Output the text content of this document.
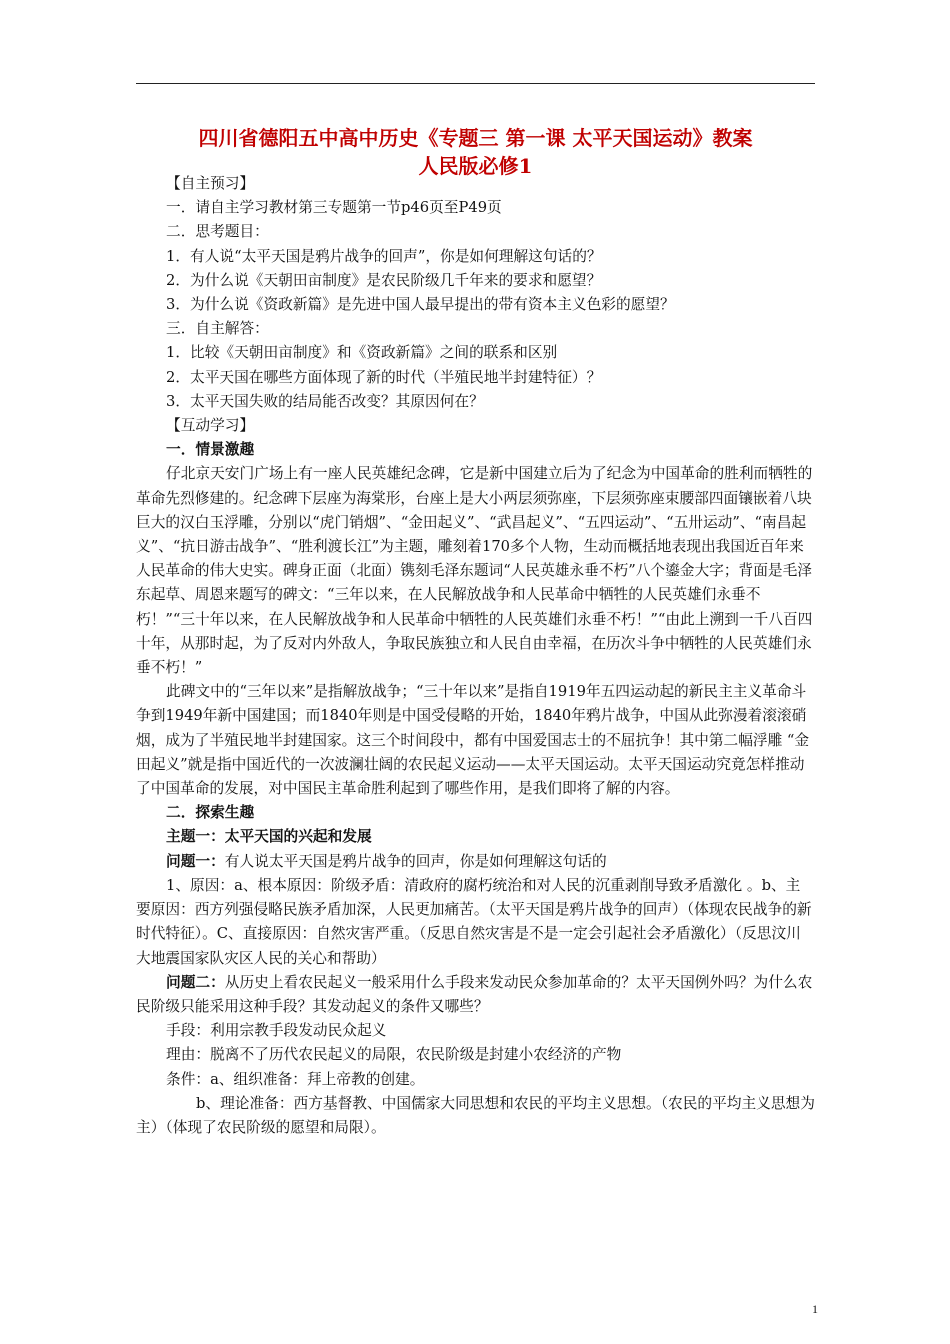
四川省德阳五中高中历史《专题三 第一课 太平天国运动》教案
人民版必修1

【自主预习】

一．请自主学习教材第三专题第一节p46页至P49页

二．思考题目：

1．有人说“太平天国是鸦片战争的回声”，你是如何理解这句话的？

2．为什么说《天朝田亩制度》是农民阶级几千年来的要求和愿望？

3．为什么说《资政新篇》是先进中国人最早提出的带有资本主义色彩的愿望？

三．自主解答：

1．比较《天朝田亩制度》和《资政新篇》之间的联系和区别

2．太平天国在哪些方面体现了新的时代（半殖民地半封建特征）？

3．太平天国失败的结局能否改变？其原因何在？

【互动学习】

一．情景激趣

仔北京天安门广场上有一座人民英雄纪念碑，它是新中国建立后为了纪念为中国革命的胜利而牺牲的革命先烈修建的。纪念碑下层座为海棠形，台座上是大小两层须弥座，下层须弥座束腰部四面镶嵌着八块巨大的汉白玉浮雕，分别以“虎门销烟”、“金田起义”、“武昌起义”、“五四运动”、“五卅运动”、“南昌起义”、“抗日游击战争”、“胜利渡长江”为主题，雕刻着170多个人物，生动而概括地表现出我国近百年来人民革命的伟大史实。碑身正面（北面）镌刻毛泽东题词“人民英雄永垂不朽”八个鎏金大字；背面是毛泽东起草、周恩来题写的碑文：“三年以来，在人民解放战争和人民革命中牺牲的人民英雄们永垂不朽！”“三十年以来，在人民解放战争和人民革命中牺牲的人民英雄们永垂不朽！”“由此上溯到一千八百四十年，从那时起，为了反对内外敌人，争取民族独立和人民自由幸福，在历次斗争中牺牲的人民英雄们永垂不朽！”

此碑文中的“三年以来”是指解放战争；“三十年以来”是指自1919年五四运动起的新民主主义革命斗争到1949年新中国建国；而1840年则是中国受侵略的开始，1840年鸦片战争，中国从此弥漫着滚滚硝烟，成为了半殖民地半封建国家。这三个时间段中，都有中国爱国志士的不屈抗争！其中第二幅浮雕 “金田起义”就是指中国近代的一次波澜壮阔的农民起义运动——太平天国运动。太平天国运动究竟怎样推动了中国革命的发展，对中国民主革命胜利起到了哪些作用，是我们即将了解的内容。

二．探索生趣

主题一：太平天国的兴起和发展

问题一：有人说太平天国是鸦片战争的回声，你是如何理解这句话的

1、原因：a、根本原因：阶级矛盾：清政府的腐朽统治和对人民的沉重剥削导致矛盾激化 。b、主要原因：西方列强侵略民族矛盾加深，人民更加痛苦。（太平天国是鸦片战争的回声）（体现农民战争的新时代特征）。C、直接原因：自然灾害严重。（反思自然灾害是不是一定会引起社会矛盾激化）（反思汶川大地震国家队灾区人民的关心和帮助）

问题二：从历史上看农民起义一般采用什么手段来发动民众参加革命的？太平天国例外吗？为什么农民阶级只能采用这种手段？其发动起义的条件又哪些？

手段：利用宗教手段发动民众起义

理由：脱离不了历代农民起义的局限，农民阶级是封建小农经济的产物

条件：a、组织准备：拜上帝教的创建。

b、理论准备：西方基督教、中国儒家大同思想和农民的平均主义思想。（农民的平均主义思想为主）（体现了农民阶级的愿望和局限）。

1
